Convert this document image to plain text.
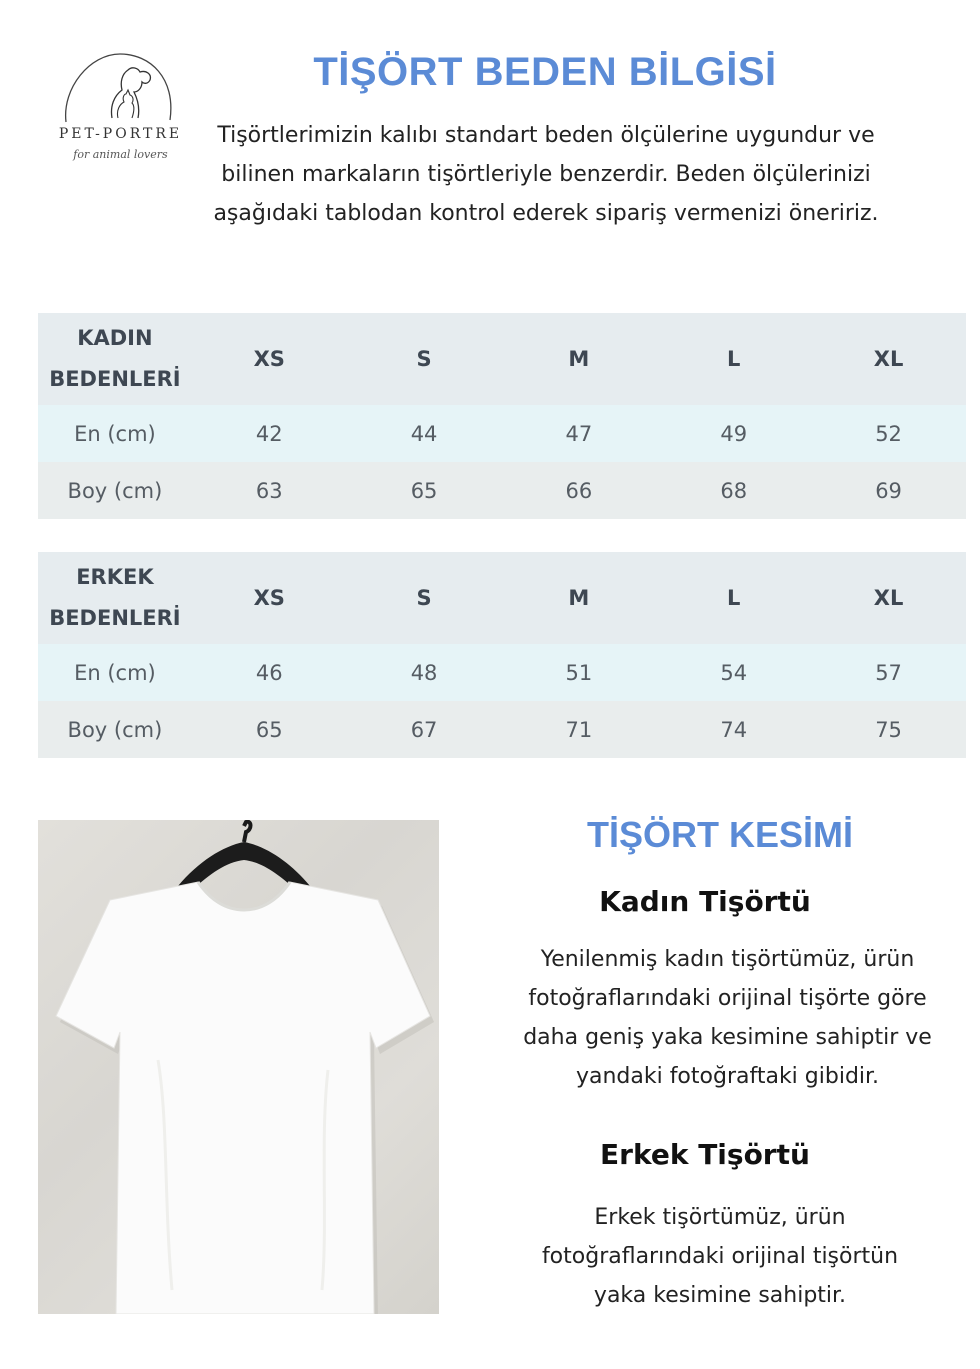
PET-PORTRE
for animal lovers
TİŞÖRT BEDEN BİLGİSİ
Tişörtlerimizin kalıbı standart beden ölçülerine uygundur ve bilinen markaların tişörtleriyle benzerdir. Beden ölçülerinizi aşağıdaki tablodan kontrol ederek sipariş vermenizi öneririz.
KADIN
BEDENLERİ	XS	S	M	L	XL
En (cm)	42	44	47	49	52
Boy (cm)	63	65	66	68	69
ERKEK
BEDENLERİ	XS	S	M	L	XL
En (cm)	46	48	51	54	57
Boy (cm)	65	67	71	74	75
TİŞÖRT KESİMİ
Kadın Tişörtü
Yenilenmiş kadın tişörtümüz, ürün fotoğraflarındaki orijinal tişörte göre daha geniş yaka kesimine sahiptir ve yandaki fotoğraftaki gibidir.
Erkek Tişörtü
Erkek tişörtümüz, ürün fotoğraflarındaki orijinal tişörtün yaka kesimine sahiptir.
